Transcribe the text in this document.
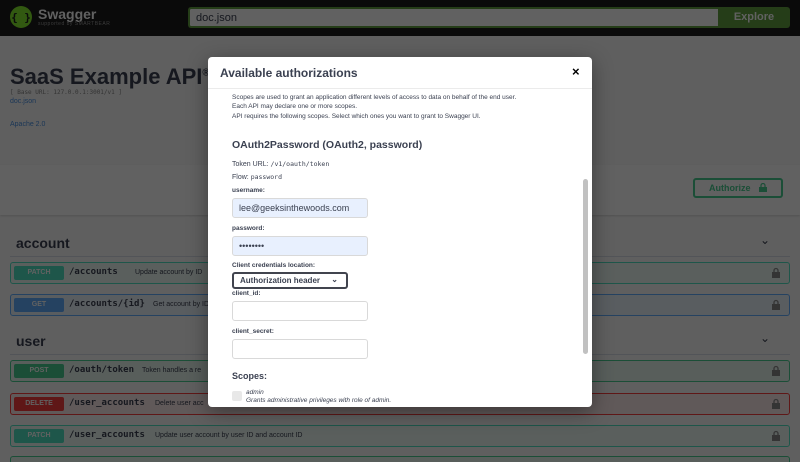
doc.json
Available authorizations	×
Scopes are used to grant an application different levels of access to data on behalf of the end user.
Each API may declare one or more scopes.
API requires the following scopes. Select which ones you want to grant to Swagger UI.
OAuth2Password (OAuth2, password)
Token URL: /v1/oauth/token
Flow: password
username:
lee@geeksinthewoods.com
password:
••••••••
Client credentials location:
Authorization header ⌄
client_id:
client_secret:
Scopes:
admin
Grants administrative privileges with role of admin.
